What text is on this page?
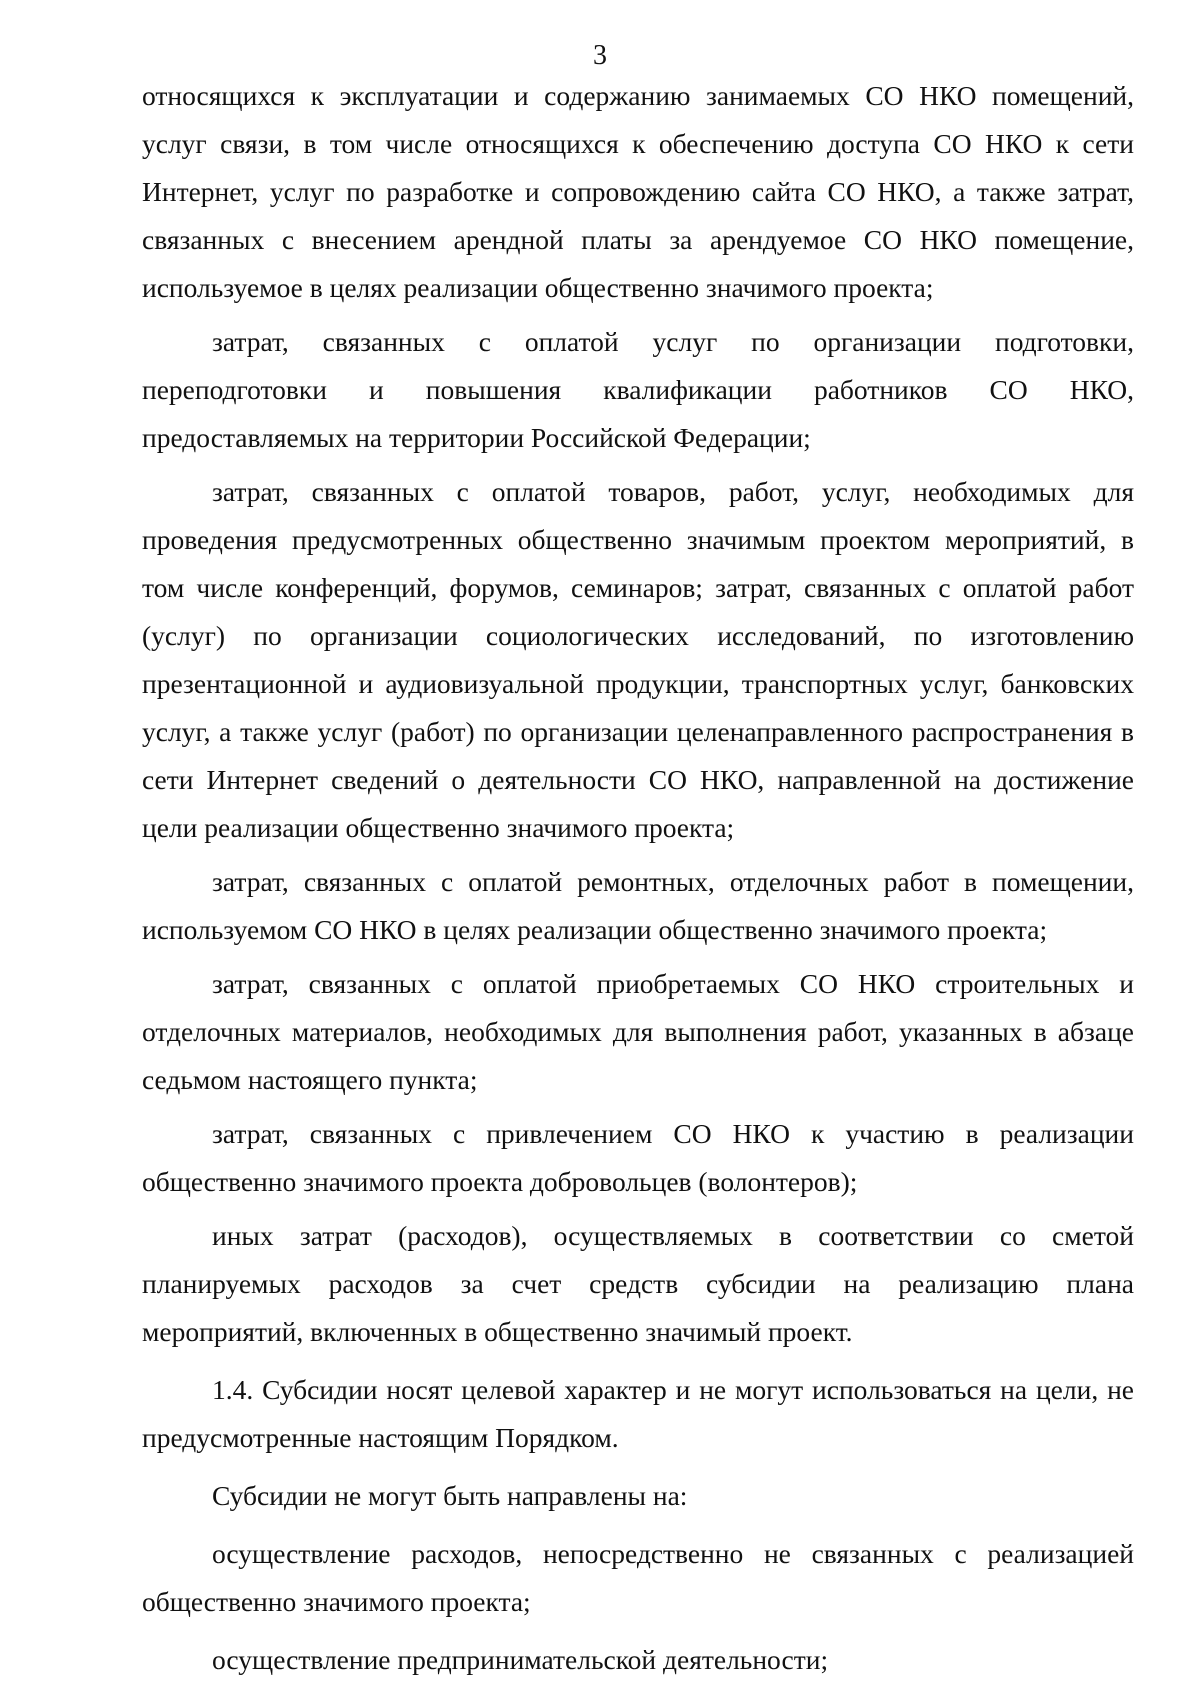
3

относящихся к эксплуатации и содержанию занимаемых СО НКО помещений, услуг связи, в том числе относящихся к обеспечению доступа СО НКО к сети Интернет, услуг по разработке и сопровождению сайта СО НКО, а также затрат, связанных с внесением арендной платы за арендуемое СО НКО помещение, используемое в целях реализации общественно значимого проекта;

затрат, связанных с оплатой услуг по организации подготовки, переподготовки и повышения квалификации работников СО НКО, предоставляемых на территории Российской Федерации;

затрат, связанных с оплатой товаров, работ, услуг, необходимых для проведения предусмотренных общественно значимым проектом мероприятий, в том числе конференций, форумов, семинаров; затрат, связанных с оплатой работ (услуг) по организации социологических исследований, по изготовлению презентационной и аудиовизуальной продукции, транспортных услуг, банковских услуг, а также услуг (работ) по организации целенаправленного распространения в сети Интернет сведений о деятельности СО НКО, направленной на достижение цели реализации общественно значимого проекта;

затрат, связанных с оплатой ремонтных, отделочных работ в помещении, используемом СО НКО в целях реализации общественно значимого проекта;

затрат, связанных с оплатой приобретаемых СО НКО строительных и отделочных материалов, необходимых для выполнения работ, указанных в абзаце седьмом настоящего пункта;

затрат, связанных с привлечением СО НКО к участию в реализации общественно значимого проекта добровольцев (волонтеров);

иных затрат (расходов), осуществляемых в соответствии со сметой планируемых расходов за счет средств субсидии на реализацию плана мероприятий, включенных в общественно значимый проект.

1.4. Субсидии носят целевой характер и не могут использоваться на цели, не предусмотренные настоящим Порядком.

Субсидии не могут быть направлены на:

осуществление расходов, непосредственно не связанных с реализацией общественно значимого проекта;

осуществление предпринимательской деятельности;
